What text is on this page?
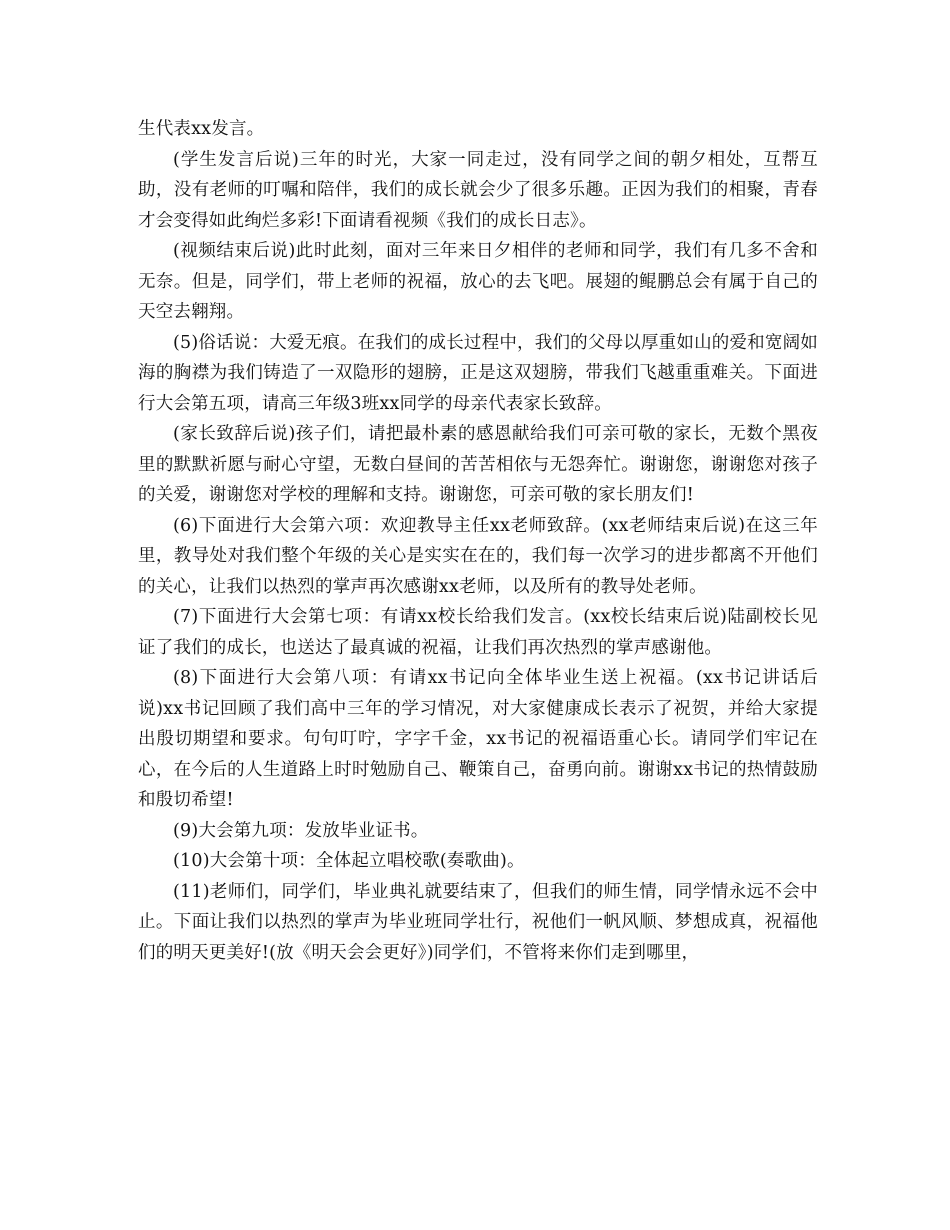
生代表xx发言。

(学生发言后说)三年的时光，大家一同走过，没有同学之间的朝夕相处，互帮互助，没有老师的叮嘱和陪伴，我们的成长就会少了很多乐趣。正因为我们的相聚，青春才会变得如此绚烂多彩!下面请看视频《我们的成长日志》。

(视频结束后说)此时此刻，面对三年来日夕相伴的老师和同学，我们有几多不舍和无奈。但是，同学们，带上老师的祝福，放心的去飞吧。展翅的鲲鹏总会有属于自己的天空去翱翔。

(5)俗话说：大爱无痕。在我们的成长过程中，我们的父母以厚重如山的爱和宽阔如海的胸襟为我们铸造了一双隐形的翅膀，正是这双翅膀，带我们飞越重重难关。下面进行大会第五项，请高三年级3班xx同学的母亲代表家长致辞。

(家长致辞后说)孩子们，请把最朴素的感恩献给我们可亲可敬的家长，无数个黑夜里的默默祈愿与耐心守望，无数白昼间的苦苦相依与无怨奔忙。谢谢您，谢谢您对孩子的关爱，谢谢您对学校的理解和支持。谢谢您，可亲可敬的家长朋友们!

(6)下面进行大会第六项：欢迎教导主任xx老师致辞。(xx老师结束后说)在这三年里，教导处对我们整个年级的关心是实实在在的，我们每一次学习的进步都离不开他们的关心，让我们以热烈的掌声再次感谢xx老师，以及所有的教导处老师。

(7)下面进行大会第七项：有请xx校长给我们发言。(xx校长结束后说)陆副校长见证了我们的成长，也送达了最真诚的祝福，让我们再次热烈的掌声感谢他。

(8)下面进行大会第八项：有请xx书记向全体毕业生送上祝福。(xx书记讲话后说)xx书记回顾了我们高中三年的学习情况，对大家健康成长表示了祝贺，并给大家提出殷切期望和要求。句句叮咛，字字千金，xx书记的祝福语重心长。请同学们牢记在心，在今后的人生道路上时时勉励自己、鞭策自己，奋勇向前。谢谢xx书记的热情鼓励和殷切希望!

(9)大会第九项：发放毕业证书。

(10)大会第十项：全体起立唱校歌(奏歌曲)。

(11)老师们，同学们，毕业典礼就要结束了，但我们的师生情，同学情永远不会中止。下面让我们以热烈的掌声为毕业班同学壮行，祝他们一帆风顺、梦想成真，祝福他们的明天更美好!(放《明天会会更好》)同学们，不管将来你们走到哪里，
